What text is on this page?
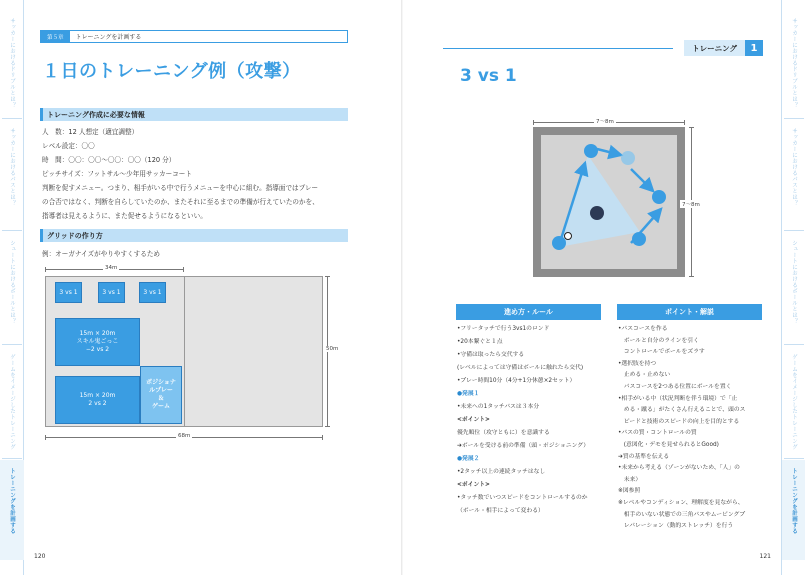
サッカーにおけるドリブルとは？
サッカーにおけるパスとは？
シュートにおけるボールとは？
ゲームをイメージしたトレーニング
トレーニングを計画する
第５章	トレーニングを計画する
１日のトレーニング例（攻撃）
トレーニング作成に必要な情報
人　数：12 人想定（適宜調整）
レベル設定：〇〇
時　間：〇〇：〇〇〜〇〇：〇〇（120 分）
ピッチサイズ：フットサル〜少年用サッカーコート
判断を促すメニュー。つまり、相手がいる中で行うメニューを中心に組む。指導面ではプレー
の合否ではなく、判断を自らしていたのか、またそれに至るまでの準備が行えていたのかを、
指導者は見えるように、また促せるようになるといい。
グリッドの作り方
例：オーガナイズがやりやすくするため
34m
3 vs 1	3 vs 1	3 vs 1
15m × 20m
スキル鬼ごっこ
−2 vs 2
15m × 20m
2 vs 2
ポジショナ
ルプレー
＆
ゲーム
50m
68m
120
サッカーにおけるドリブルとは？
サッカーにおけるパスとは？
シュートにおけるボールとは？
ゲームをイメージしたトレーニング
トレーニングを計画する
トレーニング	1
121
3 vs 1
7〜8m
7〜8m
進め方・ルール	ポイント・解説
•フリータッチで行う3vs1のロンド
•20本繋ぐと１点
•守備は取ったら交代する
(レベルによっては守備はボールに触れたら交代)
•プレー時間10分（4分+1分休憩×2セット）
●発展１
•未来への1タッチパスは３本分
<ポイント>
優先順位（攻守ともに）を意識する
➔ボールを受ける前の準備（頭・ポジショニング）
●発展２
•2タッチ以上の連続タッチはなし
<ポイント>
•タッチ数でいつスピードをコントロールするのか
（ボール・相手によって変わる）
•パスコースを作る
　ボールと自分のラインを引く
　コントロールでボールをズラす
•選択肢を持つ
　止める・止めない
　パスコースを2つある位置にボールを置く
•相手がいる中（状況判断を伴う環境）で「止
　める・蹴る」がたくさん行えることで、頭のス
　ピードと技術のスピードの向上を目的とする
•パスの質・コントロールの質
　(意図化・デモを見せられるとGood)
➔質の基準を伝える
•未来から考える（ゾーンがないため、「人」の
　未来）
※図参照
※レベルやコンディション、理解度を見ながら、
　相手のいない状態での三角パスやムービングプ
　レパレーション（動的ストレッチ）を行う
